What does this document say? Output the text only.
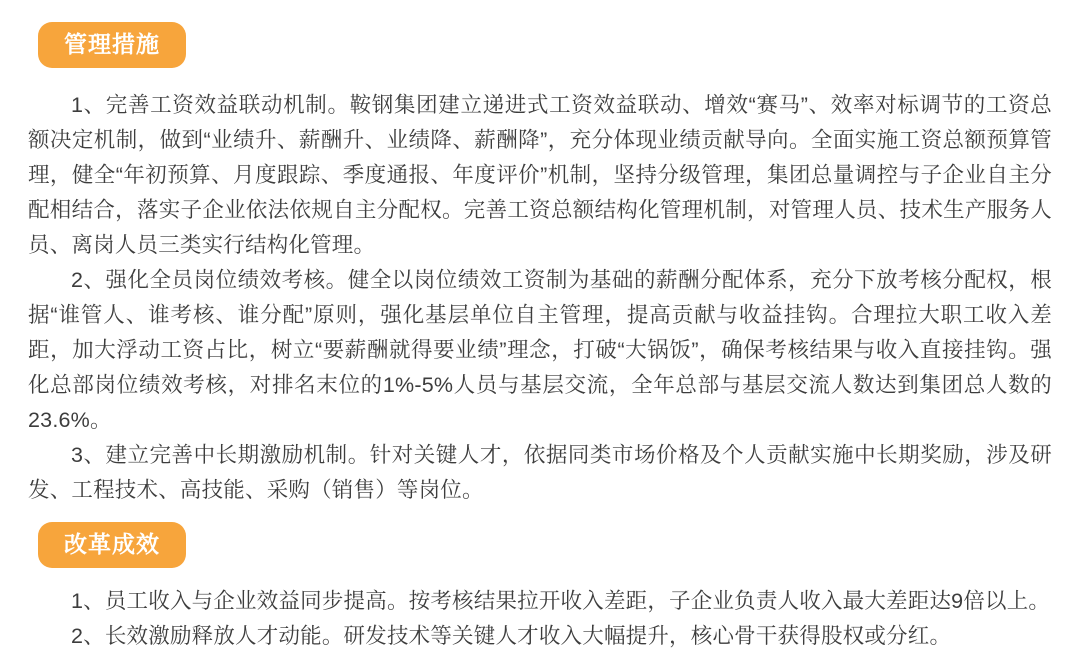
管理措施

1、完善工资效益联动机制。鞍钢集团建立递进式工资效益联动、增效“赛马”、效率对标调节的工资总额决定机制，做到“业绩升、薪酬升、业绩降、薪酬降”，充分体现业绩贡献导向。全面实施工资总额预算管理，健全“年初预算、月度跟踪、季度通报、年度评价”机制，坚持分级管理，集团总量调控与子企业自主分配相结合，落实子企业依法依规自主分配权。完善工资总额结构化管理机制，对管理人员、技术生产服务人员、离岗人员三类实行结构化管理。

2、强化全员岗位绩效考核。健全以岗位绩效工资制为基础的薪酬分配体系，充分下放考核分配权，根据“谁管人、谁考核、谁分配”原则，强化基层单位自主管理，提高贡献与收益挂钩。合理拉大职工收入差距，加大浮动工资占比，树立“要薪酬就得要业绩”理念，打破“大锅饭”，确保考核结果与收入直接挂钩。强化总部岗位绩效考核，对排名末位的1%-5%人员与基层交流，全年总部与基层交流人数达到集团总人数的23.6%。

3、建立完善中长期激励机制。针对关键人才，依据同类市场价格及个人贡献实施中长期奖励，涉及研发、工程技术、高技能、采购（销售）等岗位。

改革成效

1、员工收入与企业效益同步提高。按考核结果拉开收入差距，子企业负责人收入最大差距达9倍以上。

2、长效激励释放人才动能。研发技术等关键人才收入大幅提升，核心骨干获得股权或分红。
